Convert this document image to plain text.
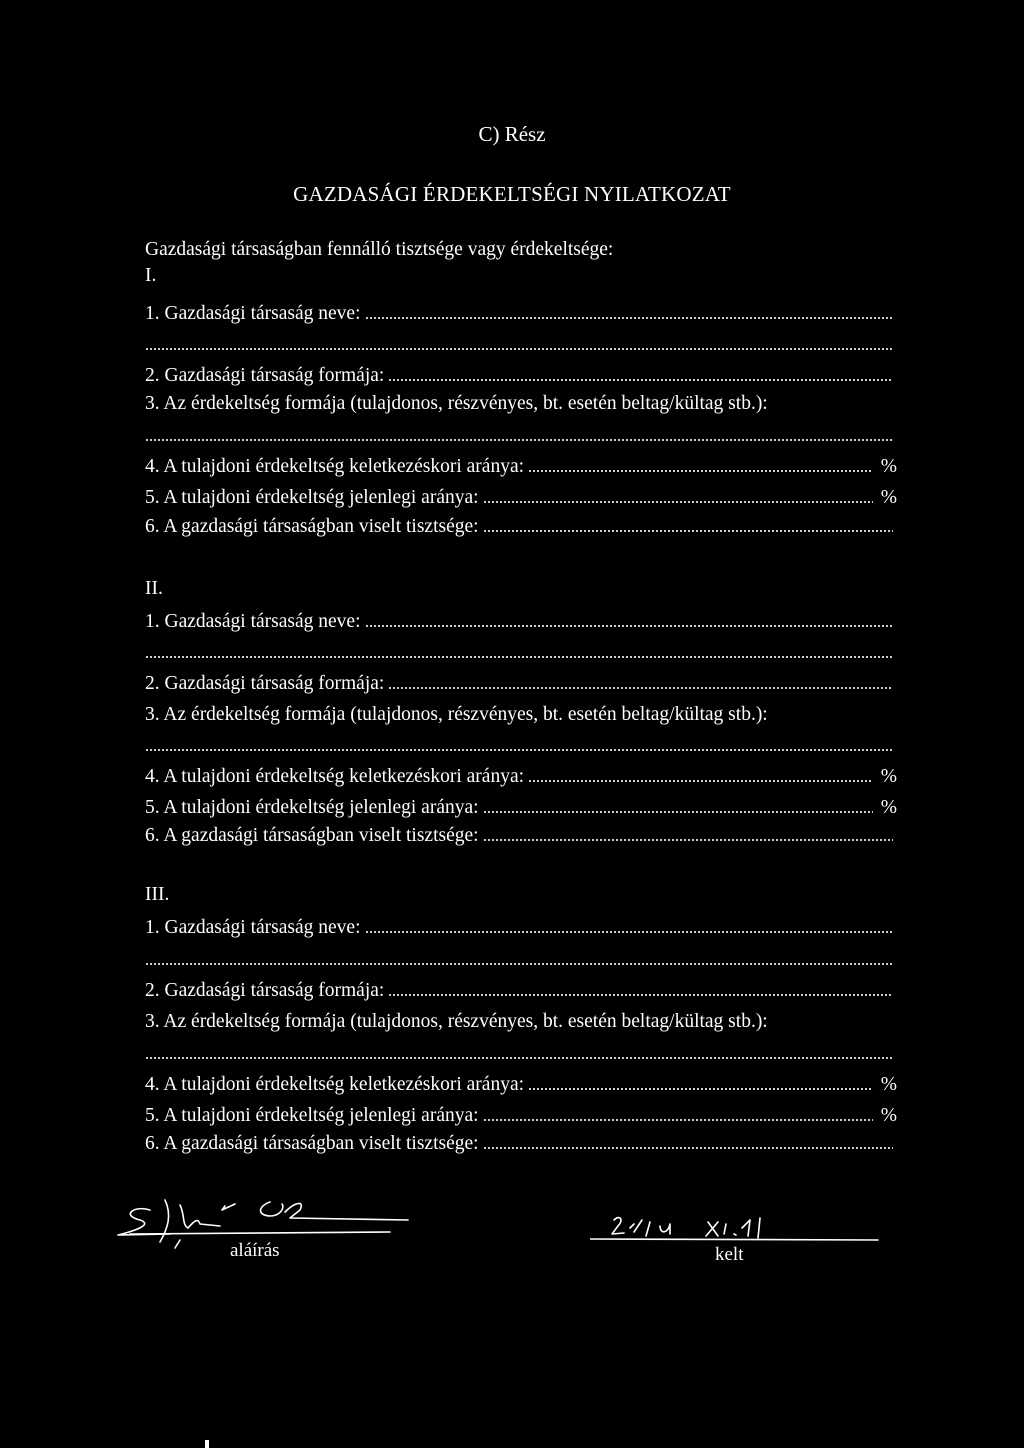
C) Rész
GAZDASÁGI ÉRDEKELTSÉGI NYILATKOZAT
Gazdasági társaságban fennálló tisztsége vagy érdekeltsége:
I.
1. Gazdasági társaság neve:
2. Gazdasági társaság formája:
3. Az érdekeltség formája (tulajdonos, részvényes, bt. esetén beltag/kültag stb.):
4. A tulajdoni érdekeltség keletkezéskori aránya:	%
5. A tulajdoni érdekeltség jelenlegi aránya:	%
6. A gazdasági társaságban viselt tisztsége:
II.
1. Gazdasági társaság neve:
2. Gazdasági társaság formája:
3. Az érdekeltség formája (tulajdonos, részvényes, bt. esetén beltag/kültag stb.):
4. A tulajdoni érdekeltség keletkezéskori aránya:	%
5. A tulajdoni érdekeltség jelenlegi aránya:	%
6. A gazdasági társaságban viselt tisztsége:
III.
1. Gazdasági társaság neve:
2. Gazdasági társaság formája:
3. Az érdekeltség formája (tulajdonos, részvényes, bt. esetén beltag/kültag stb.):
4. A tulajdoni érdekeltség keletkezéskori aránya:	%
5. A tulajdoni érdekeltség jelenlegi aránya:	%
6. A gazdasági társaságban viselt tisztsége:
aláírás	kelt
